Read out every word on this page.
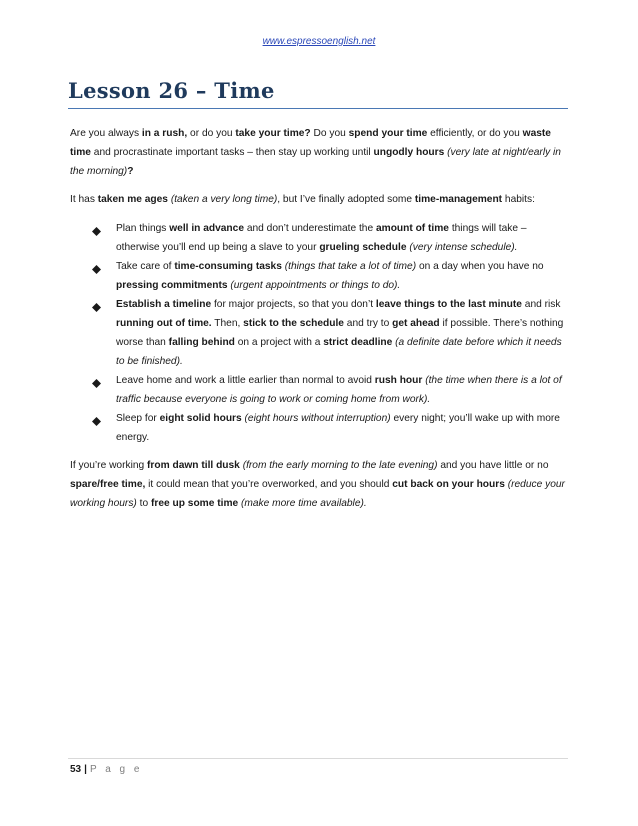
www.espressoenglish.net
Lesson 26 – Time

Are you always in a rush, or do you take your time? Do you spend your time efficiently, or do you waste time and procrastinate important tasks – then stay up working until ungodly hours (very late at night/early in the morning)?

It has taken me ages (taken a very long time), but I’ve finally adopted some time-management habits:

Plan things well in advance and don’t underestimate the amount of time things will take – otherwise you’ll end up being a slave to your grueling schedule (very intense schedule).
Take care of time-consuming tasks (things that take a lot of time) on a day when you have no pressing commitments (urgent appointments or things to do).
Establish a timeline for major projects, so that you don’t leave things to the last minute and risk running out of time. Then, stick to the schedule and try to get ahead if possible. There’s nothing worse than falling behind on a project with a strict deadline (a definite date before which it needs to be finished).
Leave home and work a little earlier than normal to avoid rush hour (the time when there is a lot of traffic because everyone is going to work or coming home from work).
Sleep for eight solid hours (eight hours without interruption) every night; you’ll wake up with more energy.

If you’re working from dawn till dusk (from the early morning to the late evening) and you have little or no spare/free time, it could mean that you’re overworked, and you should cut back on your hours (reduce your working hours) to free up some time (make more time available).

53 | P a g e
